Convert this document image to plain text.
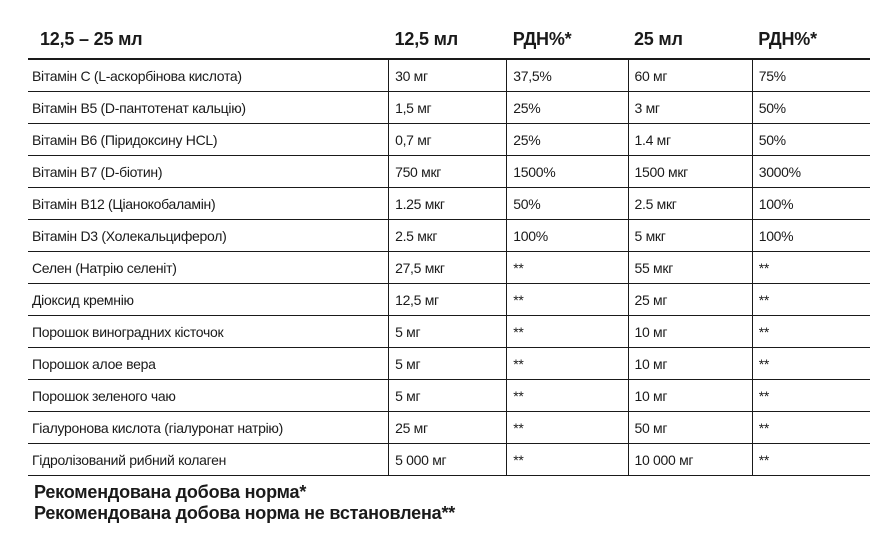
12,5 – 25 мл	12,5 мл	РДН%*	25 мл	РДН%*
Вітамін С (L-аскорбінова кислота)	30 мг	37,5%	60 мг	75%
Вітамін В5 (D-пантотенат кальцію)	1,5 мг	25%	3 мг	50%
Вітамін В6 (Піридоксину HCL)	0,7 мг	25%	1.4 мг	50%
Вітамін В7 (D-біотин)	750 мкг	1500%	1500 мкг	3000%
Вітамін В12 (Ціанокобаламін)	1.25 мкг	50%	2.5 мкг	100%
Вітамін D3 (Холекальциферол)	2.5 мкг	100%	5 мкг	100%
Селен (Натрію селеніт)	27,5 мкг	**	55 мкг	**
Діоксид кремнію	12,5 мг	**	25 мг	**
Порошок виноградних кісточок	5 мг	**	10 мг	**
Порошок алое вера	5 мг	**	10 мг	**
Порошок зеленого чаю	5 мг	**	10 мг	**
Гіалуронова кислота (гіалуронат натрію)	25 мг	**	50 мг	**
Гідролізований рибний колаген	5 000 мг	**	10 000 мг	**
Рекомендована добова норма*
Рекомендована добова норма не встановлена**
